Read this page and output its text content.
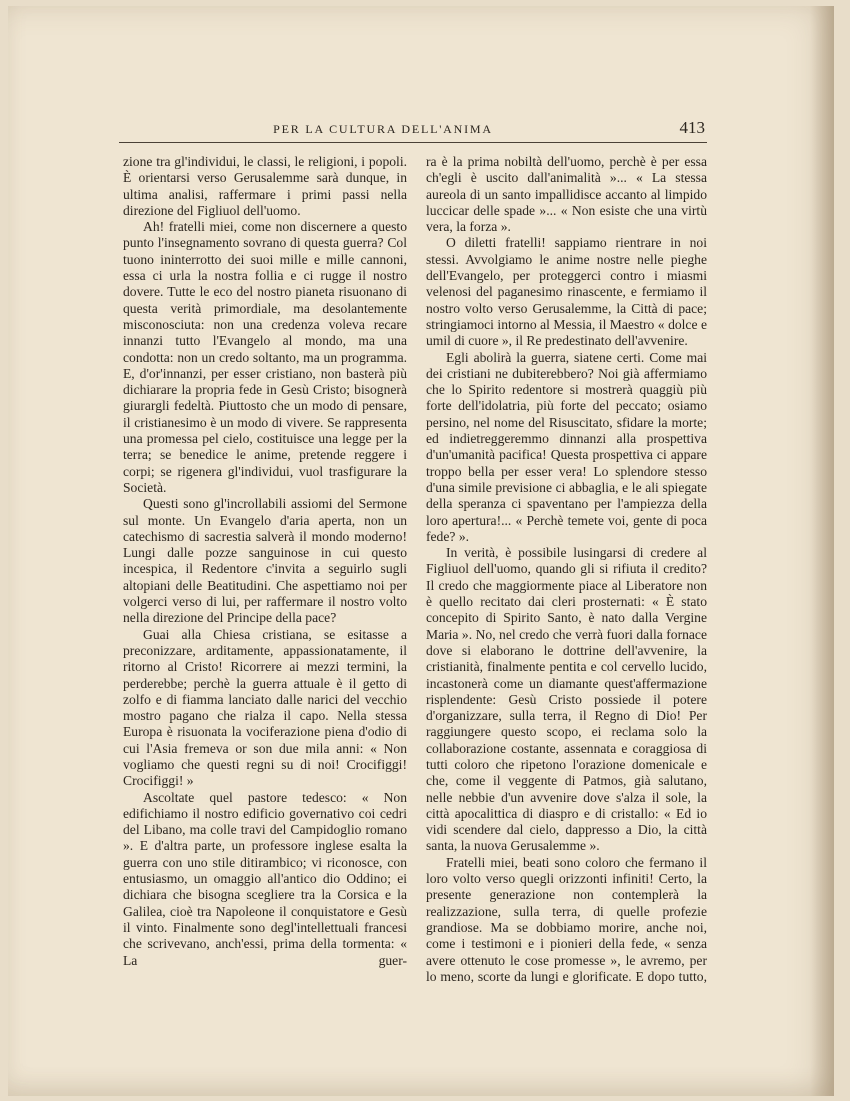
PER LA CULTURA DELL'ANIMA	413

zione tra gl'individui, le classi, le religioni, i popoli. È orientarsi verso Gerusalemme sarà dunque, in ultima analisi, raffermare i primi passi nella direzione del Figliuol dell'uomo.

Ah! fratelli miei, come non discernere a questo punto l'insegnamento sovrano di questa guerra? Col tuono ininterrotto dei suoi mille e mille cannoni, essa ci urla la nostra follia e ci rugge il nostro dovere. Tutte le eco del nostro pianeta risuonano di questa verità primordiale, ma desolantemente misconosciuta: non una credenza voleva recare innanzi tutto l'Evangelo al mondo, ma una condotta: non un credo soltanto, ma un programma. E, d'or'innanzi, per esser cristiano, non basterà più dichiarare la propria fede in Gesù Cristo; bisognerà giurargli fedeltà. Piuttosto che un modo di pensare, il cristianesimo è un modo di vivere. Se rappresenta una promessa pel cielo, costituisce una legge per la terra; se benedice le anime, pretende reggere i corpi; se rigenera gl'individui, vuol trasfigurare la Società.

Questi sono gl'incrollabili assiomi del Sermone sul monte. Un Evangelo d'aria aperta, non un catechismo di sacrestia salverà il mondo moderno! Lungi dalle pozze sanguinose in cui questo incespica, il Redentore c'invita a seguirlo sugli altopiani delle Beatitudini. Che aspettiamo noi per volgerci verso di lui, per raffermare il nostro volto nella direzione del Principe della pace?

Guai alla Chiesa cristiana, se esitasse a preconizzare, arditamente, appassionatamente, il ritorno al Cristo! Ricorrere ai mezzi termini, la perderebbe; perchè la guerra attuale è il getto di zolfo e di fiamma lanciato dalle narici del vecchio mostro pagano che rialza il capo. Nella stessa Europa è risuonata la vociferazione piena d'odio di cui l'Asia fremeva or son due mila anni: « Non vogliamo che questi regni su di noi! Crocifiggi! Crocifiggi! »

Ascoltate quel pastore tedesco: « Non edifichiamo il nostro edificio governativo coi cedri del Libano, ma colle travi del Campidoglio romano ». E d'altra parte, un professore inglese esalta la guerra con uno stile ditirambico; vi riconosce, con entusiasmo, un omaggio all'antico dio Oddino; ei dichiara che bisogna scegliere tra la Corsica e la Galilea, cioè tra Napoleone il conquistatore e Gesù il vinto. Finalmente sono degl'intellettuali francesi che scrivevano, anch'essi, prima della tormenta: « La guer-

ra è la prima nobiltà dell'uomo, perchè è per essa ch'egli è uscito dall'animalità »... « La stessa aureola di un santo impallidisce accanto al limpido luccicar delle spade »... « Non esiste che una virtù vera, la forza ».

O diletti fratelli! sappiamo rientrare in noi stessi. Avvolgiamo le anime nostre nelle pieghe dell'Evangelo, per proteggerci contro i miasmi velenosi del paganesimo rinascente, e fermiamo il nostro volto verso Gerusalemme, la Città di pace; stringiamoci intorno al Messia, il Maestro « dolce e umil di cuore », il Re predestinato dell'avvenire.

Egli abolirà la guerra, siatene certi. Come mai dei cristiani ne dubiterebbero? Noi già affermiamo che lo Spirito redentore si mostrerà quaggiù più forte dell'idolatria, più forte del peccato; osiamo persino, nel nome del Risuscitato, sfidare la morte; ed indietreggeremmo dinnanzi alla prospettiva d'un'umanità pacifica! Questa prospettiva ci appare troppo bella per esser vera! Lo splendore stesso d'una simile previsione ci abbaglia, e le ali spiegate della speranza ci spaventano per l'ampiezza della loro apertura!... « Perchè temete voi, gente di poca fede? ».

In verità, è possibile lusingarsi di credere al Figliuol dell'uomo, quando gli si rifiuta il credito? Il credo che maggiormente piace al Liberatore non è quello recitato dai cleri prosternati: « È stato concepito di Spirito Santo, è nato dalla Vergine Maria ». No, nel credo che verrà fuori dalla fornace dove si elaborano le dottrine dell'avvenire, la cristianità, finalmente pentita e col cervello lucido, incastonerà come un diamante quest'affermazione risplendente: Gesù Cristo possiede il potere d'organizzare, sulla terra, il Regno di Dio! Per raggiungere questo scopo, ei reclama solo la collaborazione costante, assennata e coraggiosa di tutti coloro che ripetono l'orazione domenicale e che, come il veggente di Patmos, già salutano, nelle nebbie d'un avvenire dove s'alza il sole, la città apocalittica di diaspro e di cristallo: « Ed io vidi scendere dal cielo, dappresso a Dio, la città santa, la nuova Gerusalemme ».

Fratelli miei, beati sono coloro che fermano il loro volto verso quegli orizzonti infiniti! Certo, la presente generazione non contemplerà la realizzazione, sulla terra, di quelle profezie grandiose. Ma se dobbiamo morire, anche noi, come i testimoni e i pionieri della fede, « senza avere ottenuto le cose promesse », le avremo, per lo meno, scorte da lungi e glorificate. E dopo tutto,
